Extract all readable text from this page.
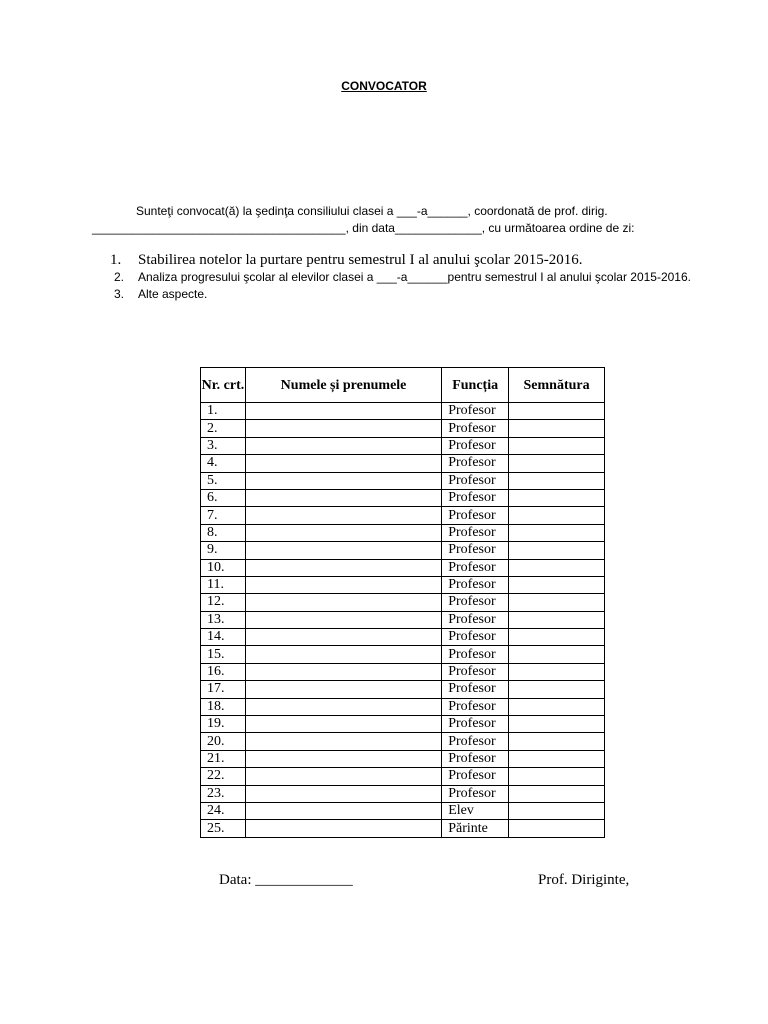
CONVOCATOR
Sunteţi convocat(ă) la şedinţa consiliului clasei a ___-a______, coordonată de prof. dirig.
______________________________________, din data_____________, cu următoarea ordine de zi:
1. Stabilirea notelor la purtare pentru semestrul I al anului şcolar 2015-2016.
2. Analiza progresului şcolar al elevilor clasei a ___-a______pentru semestrul I al anului şcolar 2015-2016.
3. Alte aspecte.
Nr. crt.	Numele și prenumele	Funcția	Semnătura
1.		Profesor	
2.		Profesor	
3.		Profesor	
4.		Profesor	
5.		Profesor	
6.		Profesor	
7.		Profesor	
8.		Profesor	
9.		Profesor	
10.		Profesor	
11.		Profesor	
12.		Profesor	
13.		Profesor	
14.		Profesor	
15.		Profesor	
16.		Profesor	
17.		Profesor	
18.		Profesor	
19.		Profesor	
20.		Profesor	
21.		Profesor	
22.		Profesor	
23.		Profesor	
24.		Elev	
25.		Părinte	
Data: _____________	Prof. Diriginte,
